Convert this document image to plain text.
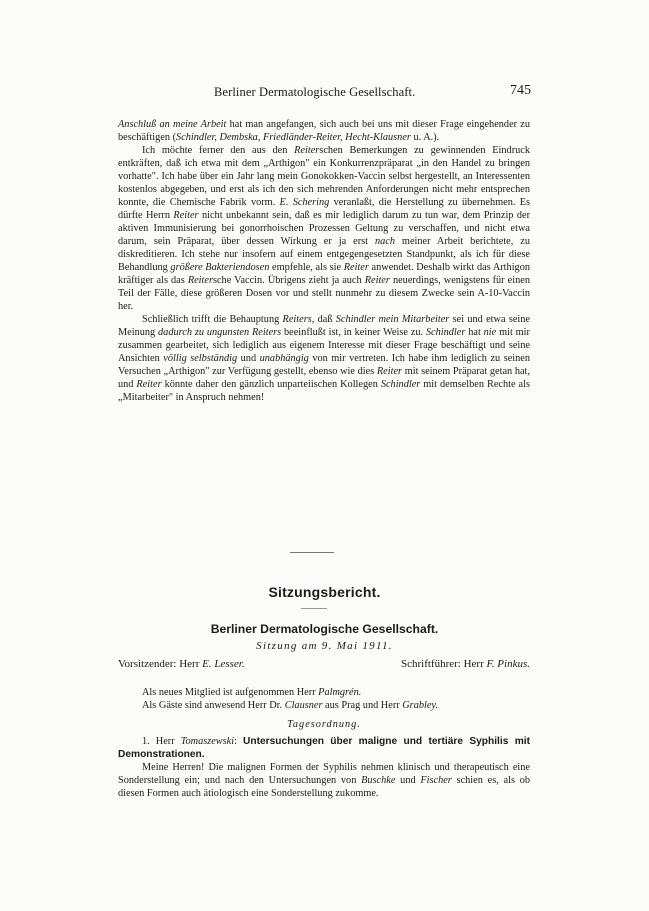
Berliner Dermatologische Gesellschaft.	745

Anschluß an meine Arbeit hat man angefangen, sich auch bei uns mit dieser Frage eingehender zu beschäftigen (Schindler, Dembska, Friedländer-Reiter, Hecht-Klausner u. A.).

Ich möchte ferner den aus den Reiterschen Bemerkungen zu gewinnenden Eindruck entkräften, daß ich etwa mit dem „Arthigon" ein Konkurrenzpräparat „in den Handel zu bringen vorhatte". Ich habe über ein Jahr lang mein Gonokokken-Vaccin selbst hergestellt, an Interessenten kostenlos abgegeben, und erst als ich den sich mehrenden Anforderungen nicht mehr entsprechen konnte, die Chemische Fabrik vorm. E. Schering veranlaßt, die Herstellung zu übernehmen. Es dürfte Herrn Reiter nicht unbekannt sein, daß es mir lediglich darum zu tun war, dem Prinzip der aktiven Immunisierung bei gonorrhoischen Prozessen Geltung zu verschaffen, und nicht etwa darum, sein Präparat, über dessen Wirkung er ja erst nach meiner Arbeit berichtete, zu diskreditieren. Ich stehe nur insofern auf einem entgegengesetzten Standpunkt, als ich für diese Behandlung größere Bakteriendosen empfehle, als sie Reiter anwendet. Deshalb wirkt das Arthigon kräftiger als das Reitersche Vaccin. Übrigens zieht ja auch Reiter neuerdings, wenigstens für einen Teil der Fälle, diese größeren Dosen vor und stellt nunmehr zu diesem Zwecke sein A-10-Vaccin her.

Schließlich trifft die Behauptung Reiters, daß Schindler mein Mitarbeiter sei und etwa seine Meinung dadurch zu ungunsten Reiters beeinflußt ist, in keiner Weise zu. Schindler hat nie mit mir zusammen gearbeitet, sich lediglich aus eigenem Interesse mit dieser Frage beschäftigt und seine Ansichten völlig selbständig und unabhängig von mir vertreten. Ich habe ihm lediglich zu seinen Versuchen „Arthigon" zur Verfügung gestellt, ebenso wie dies Reiter mit seinem Präparat getan hat, und Reiter könnte daher den gänzlich unparteiischen Kollegen Schindler mit demselben Rechte als „Mitarbeiter" in Anspruch nehmen!

Sitzungsbericht.
Berliner Dermatologische Gesellschaft.
Sitzung am 9. Mai 1911.
Vorsitzender: Herr E. Lesser.	Schriftführer: Herr F. Pinkus.

Als neues Mitglied ist aufgenommen Herr Palmgrén.

Als Gäste sind anwesend Herr Dr. Clausner aus Prag und Herr Grabley.

Tagesordnung.

1. Herr Tomaszewski: Untersuchungen über maligne und tertiäre Syphilis mit Demonstrationen.

Meine Herren! Die malignen Formen der Syphilis nehmen klinisch und therapeutisch eine Sonderstellung ein; und nach den Untersuchungen von Buschke und Fischer schien es, als ob diesen Formen auch ätiologisch eine Sonderstellung zukomme.
